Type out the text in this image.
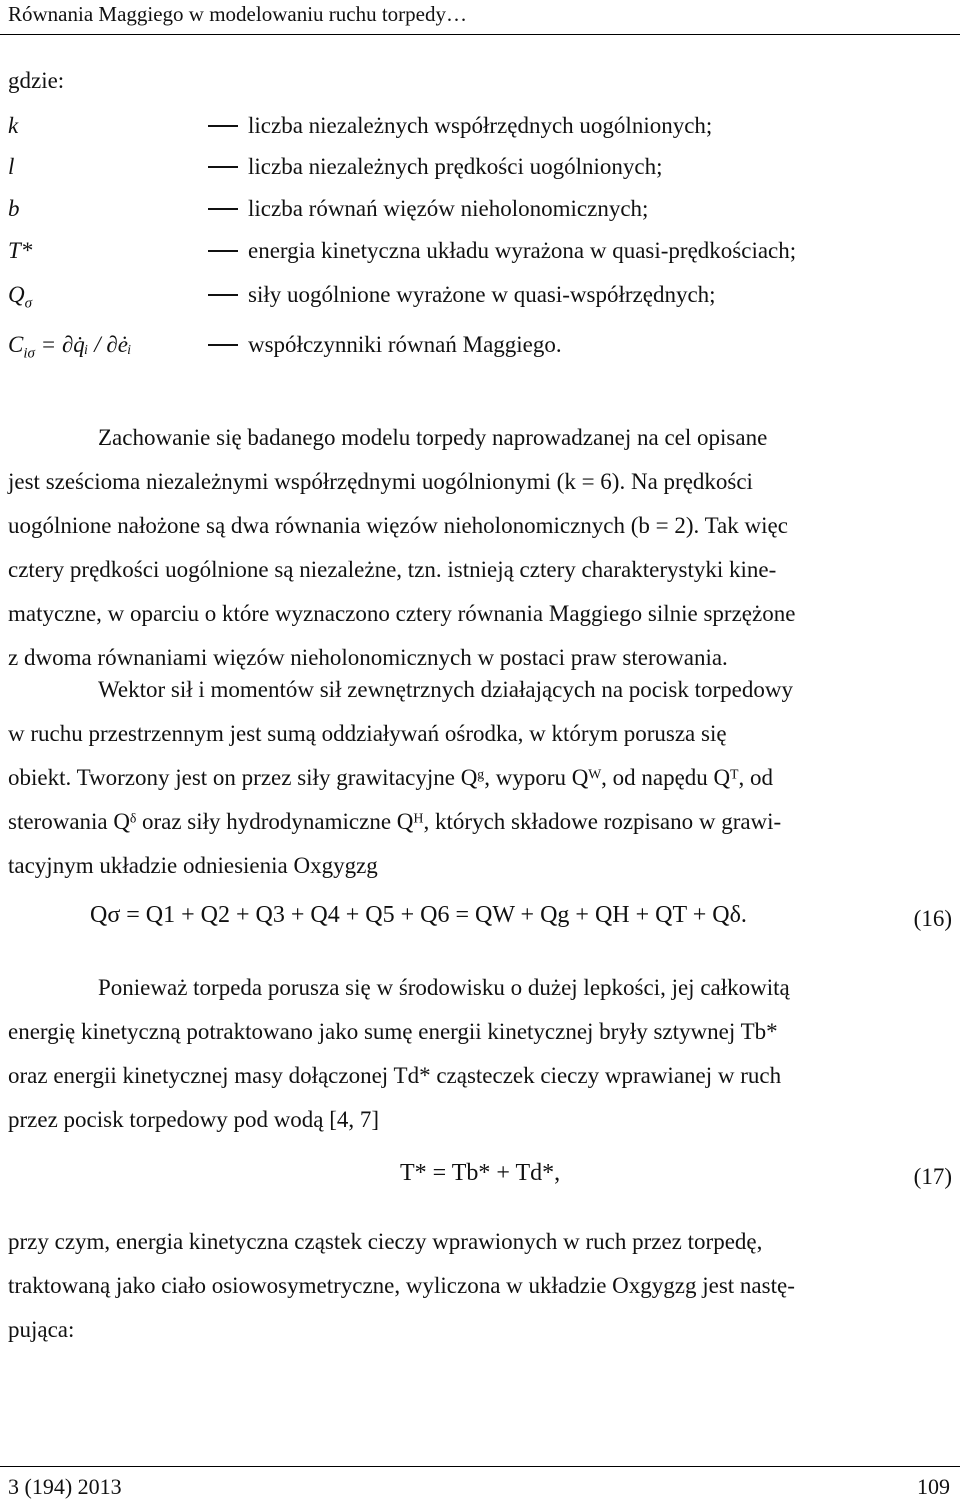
Równania Maggiego w modelowaniu ruchu torpedy…
gdzie:
k	liczba niezależnych współrzędnych uogólnionych;
l	liczba niezależnych prędkości uogólnionych;
b	liczba równań więzów nieholonomicznych;
T*	energia kinetyczna układu wyrażona w quasi-prędkościach;
$Q_\sigma$	siły uogólnione wyrażone w quasi-współrzędnych;
$C_{i\sigma}$ = ∂q̇ᵢ / ∂ėᵢ	współczynniki równań Maggiego.
Zachowanie się badanego modelu torpedy naprowadzanej na cel opisane
jest sześcioma niezależnymi współrzędnymi uogólnionymi (k = 6). Na prędkości
uogólnione nałożone są dwa równania więzów nieholonomicznych (b = 2). Tak więc
cztery prędkości uogólnione są niezależne, tzn. istnieją cztery charakterystyki kine-
matyczne, w oparciu o które wyznaczono cztery równania Maggiego silnie sprzężone
z dwoma równaniami więzów nieholonomicznych w postaci praw sterowania.
Wektor sił i momentów sił zewnętrznych działających na pocisk torpedowy
w ruchu przestrzennym jest sumą oddziaływań ośrodka, w którym porusza się
obiekt. Tworzony jest on przez siły grawitacyjne Qᵍ, wyporu Qᵂ, od napędu Qᵀ, od
sterowania Qᵟ oraz siły hydrodynamiczne Qᴴ, których składowe rozpisano w grawi-
tacyjnym układzie odniesienia Oxgygzg
Qσ = Q1 + Q2 + Q3 + Q4 + Q5 + Q6 = QW + Qg + QH + QT + Qδ.	(16)
Ponieważ torpeda porusza się w środowisku o dużej lepkości, jej całkowitą
energię kinetyczną potraktowano jako sumę energii kinetycznej bryły sztywnej Tb*
oraz energii kinetycznej masy dołączonej Td* cząsteczek cieczy wprawianej w ruch
przez pocisk torpedowy pod wodą [4, 7]
T* = Tb* + Td*,	(17)
przy czym, energia kinetyczna cząstek cieczy wprawionych w ruch przez torpedę,
traktowaną jako ciało osiowosymetryczne, wyliczona w układzie Oxgygzg jest nastę-
pująca:
3 (194) 2013	109
